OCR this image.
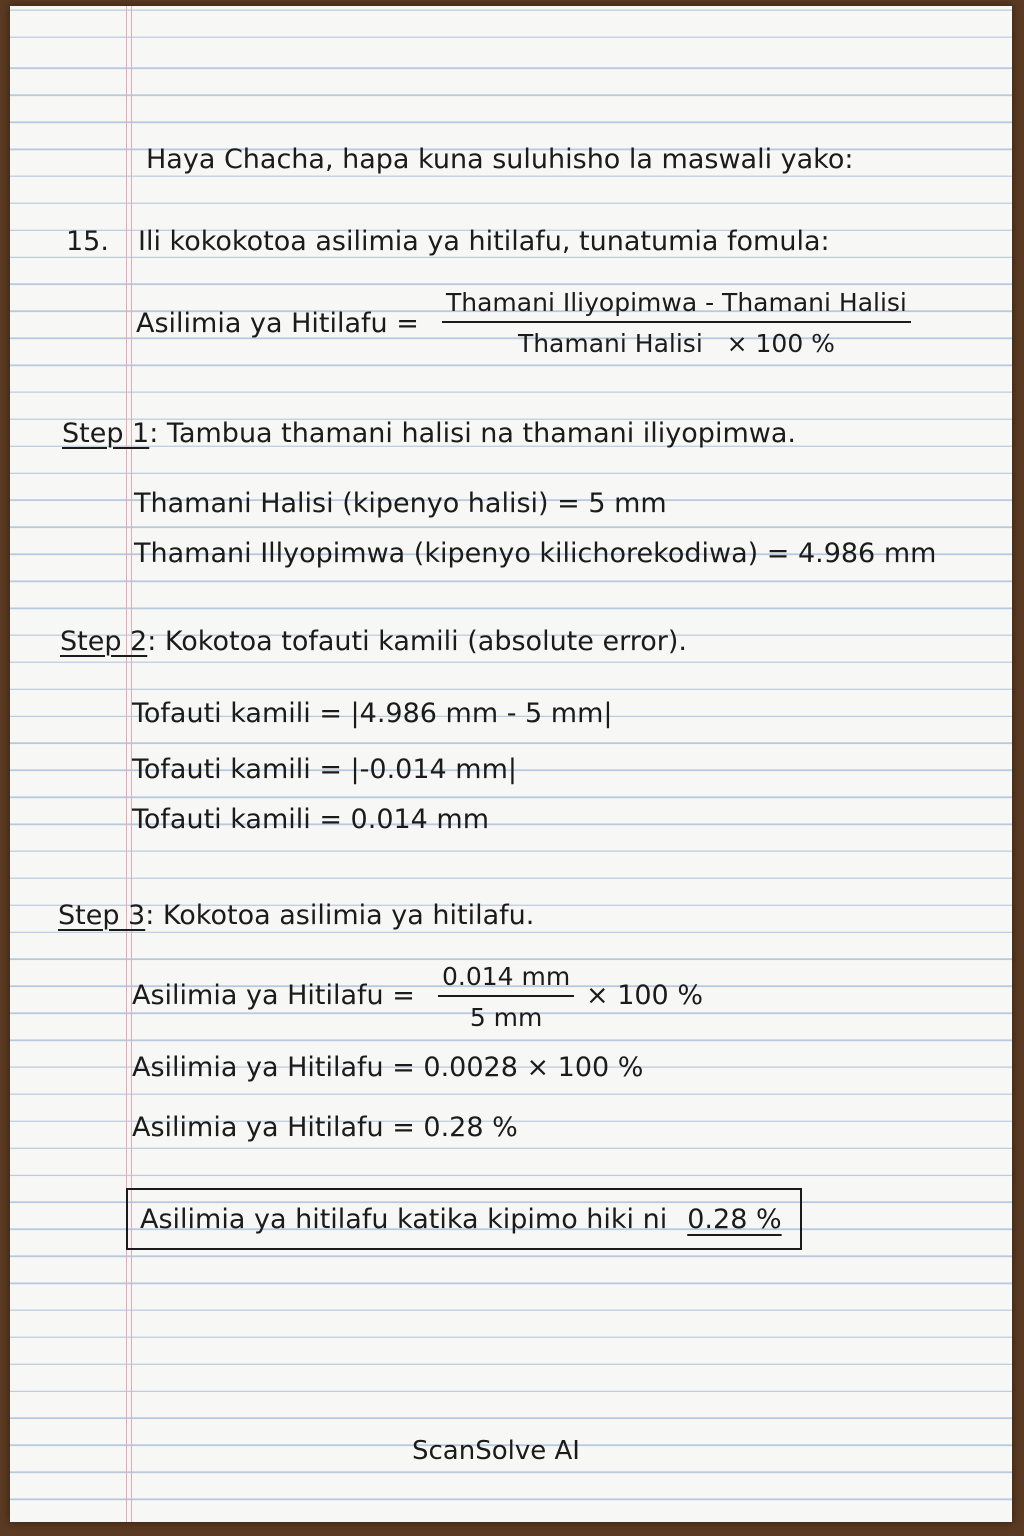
Haya Chacha, hapa kuna suluhisho la maswali yako:
15. Ili kokokotoa asilimia ya hitilafu, tunatumia fomula:
Asilimia ya Hitilafu =
Thamani Iliyopimwa - Thamani Halisi
Thamani Halisi × 100 %
Step 1: Tambua thamani halisi na thamani iliyopimwa.
Thamani Halisi (kipenyo halisi) = 5 mm
Thamani Illyopimwa (kipenyo kilichorekodiwa) = 4.986 mm
Step 2: Kokotoa tofauti kamili (absolute error).
Tofauti kamili = |4.986 mm - 5 mm|
Tofauti kamili = |-0.014 mm|
Tofauti kamili = 0.014 mm
Step 3: Kokotoa asilimia ya hitilafu.
Asilimia ya Hitilafu = $\frac{0.014 mm}{5 mm} \times 100$ %
Asilimia ya Hitilafu = 0.0028 × 100 %
Asilimia ya Hitilafu = 0.28 %
Asilimia ya hitilafu katika kipimo hiki ni 0.28 %
ScanSolve AI
